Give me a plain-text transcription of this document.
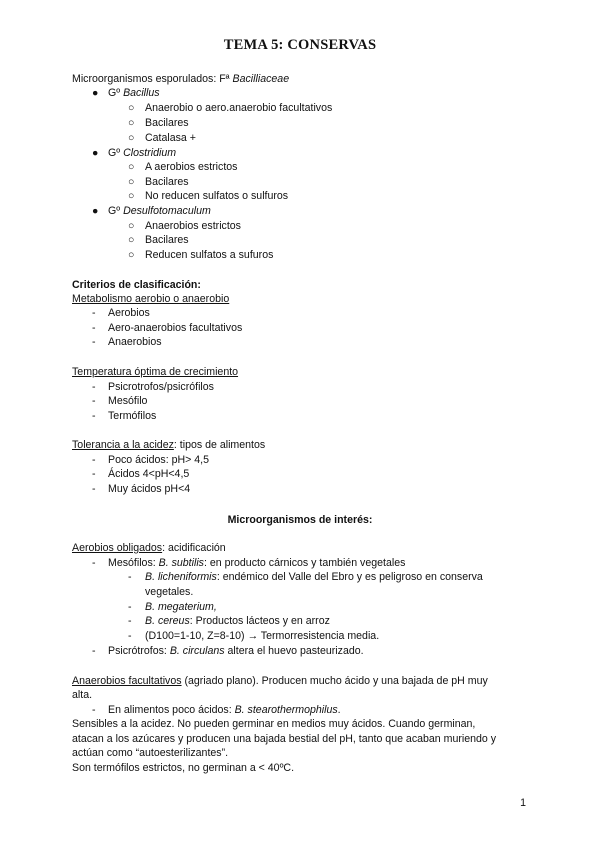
TEMA 5: CONSERVAS
Microorganismos esporulados: Fª Bacilliaceae
● Gº Bacillus
○ Anaerobio o aero.anaerobio facultativos
○ Bacilares
○ Catalasa +
● Gº Clostridium
○ A aerobios estrictos
○ Bacilares
○ No reducen sulfatos o sulfuros
● Gº Desulfotomaculum
○ Anaerobios estrictos
○ Bacilares
○ Reducen sulfatos a sufuros
Criterios de clasificación:
Metabolismo aerobio o anaerobio
- Aerobios
- Aero-anaerobios facultativos
- Anaerobios
Temperatura óptima de crecimiento
- Psicrotrofos/psicrófilos
- Mesófilo
- Termófilos
Tolerancia a la acidez: tipos de alimentos
- Poco ácidos: pH> 4,5
- Ácidos 4<pH<4,5
- Muy ácidos pH<4
Microorganismos de interés:
Aerobios obligados: acidificación
- Mesófilos: B. subtilis: en producto cárnicos y también vegetales
- B. licheniformis: endémico del Valle del Ebro y es peligroso en conserva
vegetales.
- B. megaterium,
- B. cereus: Productos lácteos y en arroz
- (D100=1-10, Z=8-10) → Termorresistencia media.
- Psicrótrofos: B. circulans altera el huevo pasteurizado.
Anaerobios facultativos (agriado plano). Producen mucho ácido y una bajada de pH muy
alta.
- En alimentos poco ácidos: B. stearothermophilus.
Sensibles a la acidez. No pueden germinar en medios muy ácidos. Cuando germinan,
atacan a los azúcares y producen una bajada bestial del pH, tanto que acaban muriendo y
actúan como “autoesterilizantes”.
Son termófilos estrictos, no germinan a < 40ºC.
1
